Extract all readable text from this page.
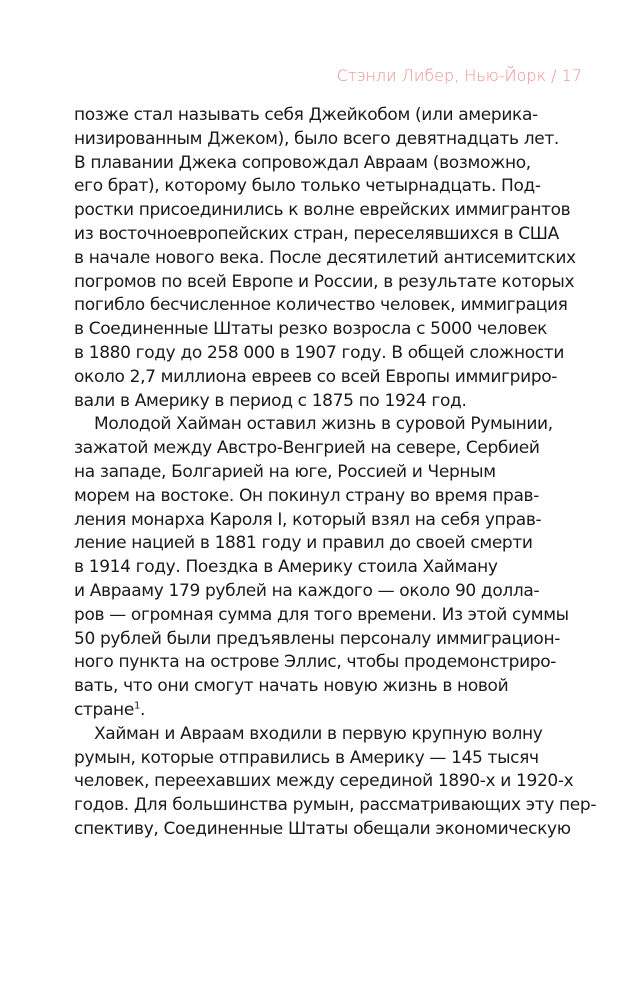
Стэнли Либер, Нью-Йорк / 17
позже стал называть себя Джейкобом (или америка-
низированным Джеком), было всего девятнадцать лет.
В плавании Джека сопровождал Авраам (возможно,
его брат), которому было только четырнадцать. Под-
ростки присоединились к волне еврейских иммигрантов
из восточноевропейских стран, переселявшихся в США
в начале нового века. После десятилетий антисемитских
погромов по всей Европе и России, в результате которых
погибло бесчисленное количество человек, иммиграция
в Соединенные Штаты резко возросла с 5000 человек
в 1880 году до 258 000 в 1907 году. В общей сложности
около 2,7 миллиона евреев со всей Европы иммигриро-
вали в Америку в период с 1875 по 1924 год.
Молодой Хайман оставил жизнь в суровой Румынии,
зажатой между Австро-Венгрией на севере, Сербией
на западе, Болгарией на юге, Россией и Черным
морем на востоке. Он покинул страну во время прав-
ления монарха Кароля I, который взял на себя управ-
ление нацией в 1881 году и правил до своей смерти
в 1914 году. Поездка в Америку стоила Хайману
и Аврааму 179 рублей на каждого — около 90 долла-
ров — огромная сумма для того времени. Из этой суммы
50 рублей были предъявлены персоналу иммиграцион-
ного пункта на острове Эллис, чтобы продемонстриро-
вать, что они смогут начать новую жизнь в новой
стране$^1$.
Хайман и Авраам входили в первую крупную волну
румын, которые отправились в Америку — 145 тысяч
человек, переехавших между серединой 1890-х и 1920-х
годов. Для большинства румын, рассматривающих эту пер-
спективу, Соединенные Штаты обещали экономическую
